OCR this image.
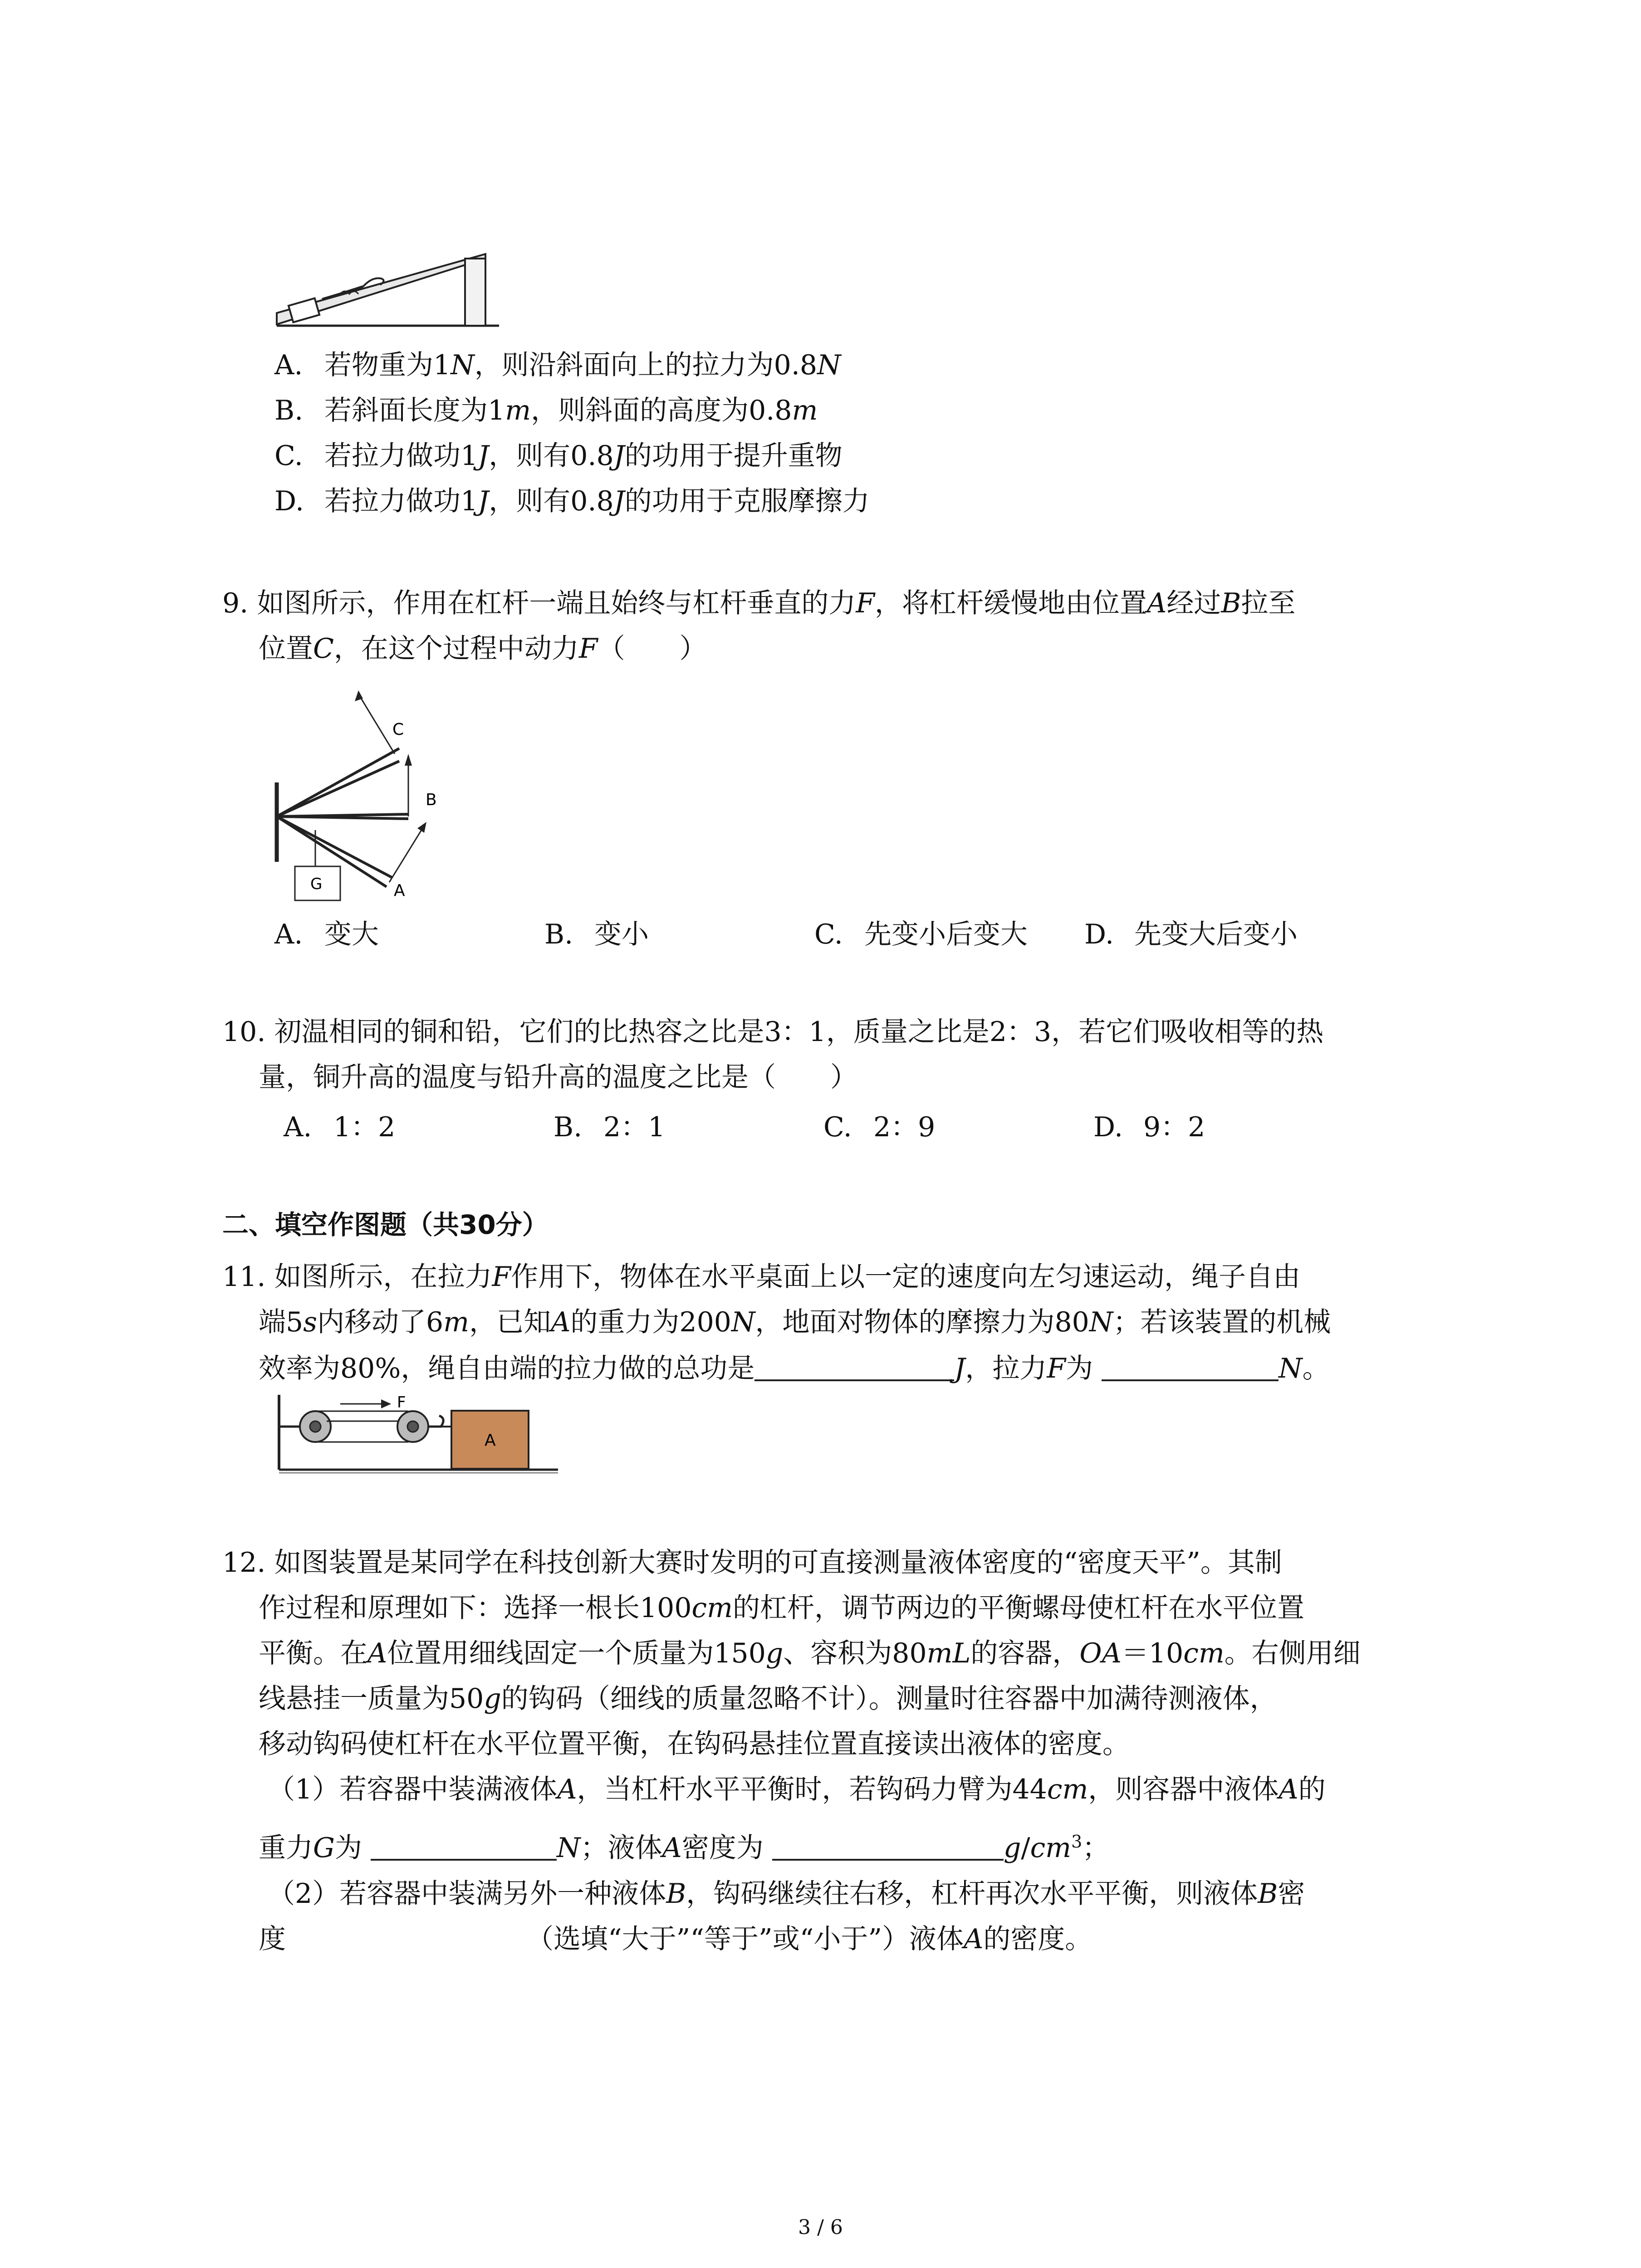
A. 若物重为1N，则沿斜面向上的拉力为0.8N
B. 若斜面长度为1m，则斜面的高度为0.8m
C. 若拉力做功1J，则有0.8J的功用于提升重物
D. 若拉力做功1J，则有0.8J的功用于克服摩擦力
9. 如图所示，作用在杠杆一端且始终与杠杆垂直的力F，将杠杆缓慢地由位置A经过B拉至
位置C，在这个过程中动力F（　　）
C
B
A
G
A. 变大	B. 变小	C. 先变小后变大 D. 先变大后变小
10. 初温相同的铜和铅，它们的比热容之比是3：1，质量之比是2：3，若它们吸收相等的热
量，铜升高的温度与铅升高的温度之比是（　　）
A. 1：2	B. 2：1	C. 2：9	D. 9：2
二、填空作图题（共30分）
11. 如图所示，在拉力F作用下，物体在水平桌面上以一定的速度向左匀速运动，绳子自由
端5s内移动了6m，已知A的重力为200N，地面对物体的摩擦力为80N；若该装置的机械
效率为80%，绳自由端的拉力做的总功是	J，拉力F为	N。
F
A
12. 如图装置是某同学在科技创新大赛时发明的可直接测量液体密度的“密度天平”。其制
作过程和原理如下：选择一根长100cm的杠杆，调节两边的平衡螺母使杠杆在水平位置
平衡。在A位置用细线固定一个质量为150g、容积为80mL的容器，OA＝10cm。右侧用细
线悬挂一质量为50g的钩码（细线的质量忽略不计）。测量时往容器中加满待测液体，
移动钩码使杠杆在水平位置平衡，在钩码悬挂位置直接读出液体的密度。
（1）若容器中装满液体A，当杠杆水平平衡时，若钩码力臂为44cm，则容器中液体A的
重力G为	N；液体A密度为	$g/cm^3$；
（2）若容器中装满另外一种液体B，钩码继续往右移，杠杆再次水平平衡，则液体B密
度	（选填“大于”“等于”或“小于”）液体A的密度。
3 / 6
